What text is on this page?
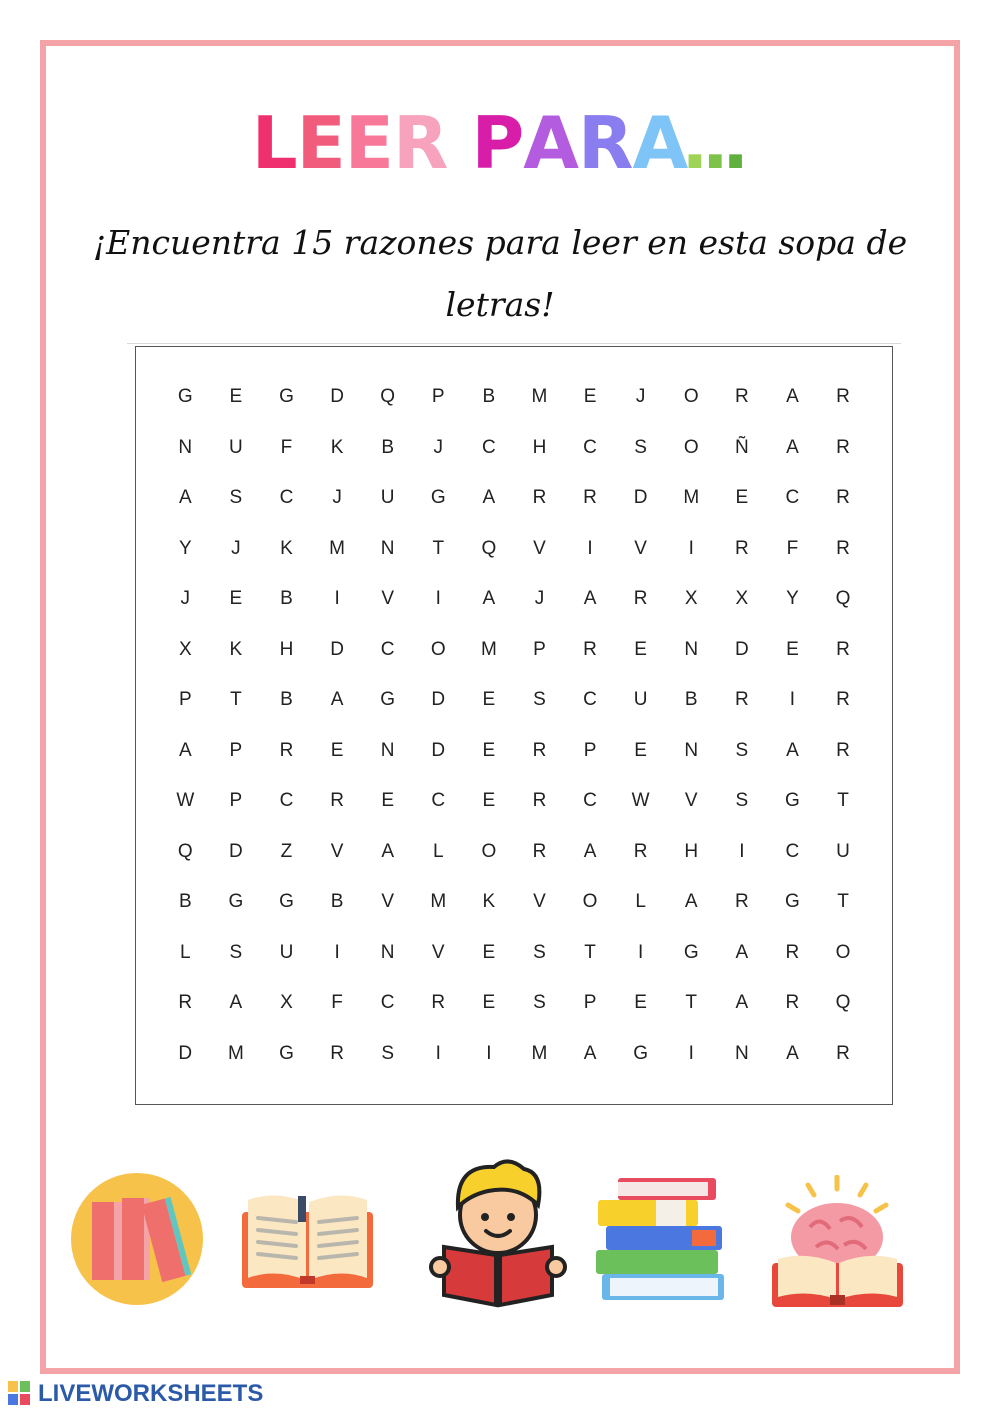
LEER PARA...
¡Encuentra 15 razones para leer en esta sopa de letras!
G	E	G	D	Q	P	B	M	E	J	O	R	A	R
N	U	F	K	B	J	C	H	C	S	O	Ñ	A	R
A	S	C	J	U	G	A	R	R	D	M	E	C	R
Y	J	K	M	N	T	Q	V	I	V	I	R	F	R
J	E	B	I	V	I	A	J	A	R	X	X	Y	Q
X	K	H	D	C	O	M	P	R	E	N	D	E	R
P	T	B	A	G	D	E	S	C	U	B	R	I	R
A	P	R	E	N	D	E	R	P	E	N	S	A	R
W	P	C	R	E	C	E	R	C	W	V	S	G	T
Q	D	Z	V	A	L	O	R	A	R	H	I	C	U
B	G	G	B	V	M	K	V	O	L	A	R	G	T
L	S	U	I	N	V	E	S	T	I	G	A	R	O
R	A	X	F	C	R	E	S	P	E	T	A	R	Q
D	M	G	R	S	I	I	M	A	G	I	N	A	R
LIVEWORKSHEETS
